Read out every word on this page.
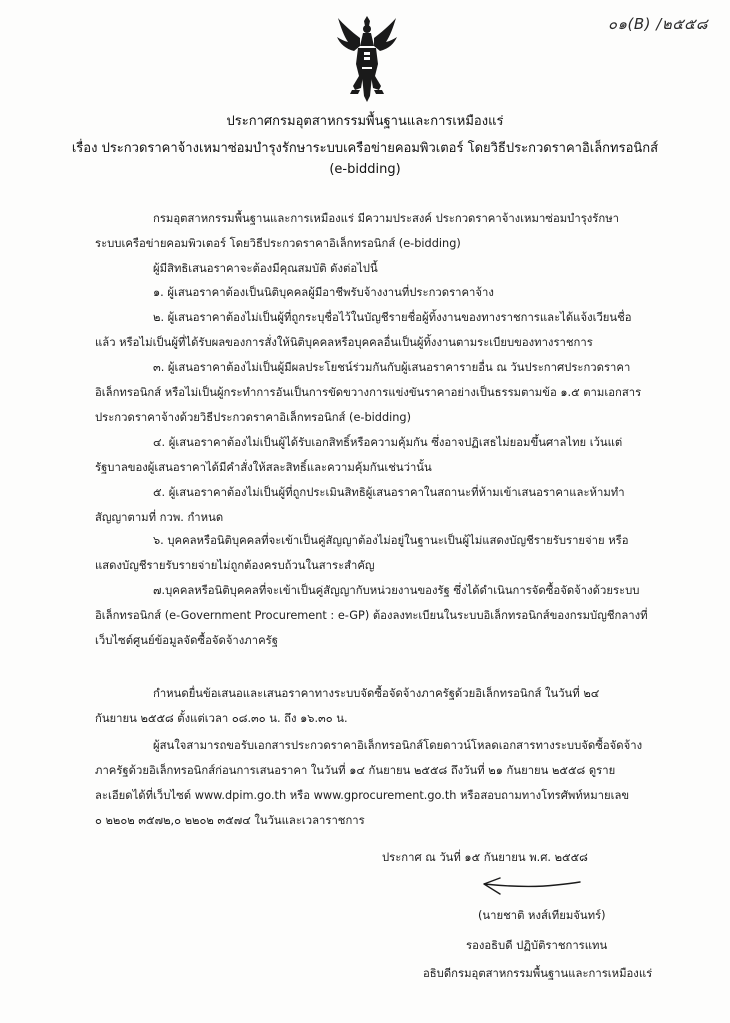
๐๑(B) /๒๕๕๘
ประกาศกรมอุตสาหกรรมพื้นฐานและการเหมืองแร่
เรื่อง ประกวดราคาจ้างเหมาซ่อมบำรุงรักษาระบบเครือข่ายคอมพิวเตอร์ โดยวิธีประกวดราคาอิเล็กทรอนิกส์
(e-bidding)
กรมอุตสาหกรรมพื้นฐานและการเหมืองแร่ มีความประสงค์ ประกวดราคาจ้างเหมาซ่อมบำรุงรักษา
ระบบเครือข่ายคอมพิวเตอร์ โดยวิธีประกวดราคาอิเล็กทรอนิกส์ (e-bidding)
ผู้มีสิทธิเสนอราคาจะต้องมีคุณสมบัติ ดังต่อไปนี้
๑. ผู้เสนอราคาต้องเป็นนิติบุคคลผู้มีอาชีพรับจ้างงานที่ประกวดราคาจ้าง
๒. ผู้เสนอราคาต้องไม่เป็นผู้ที่ถูกระบุชื่อไว้ในบัญชีรายชื่อผู้ทิ้งงานของทางราชการและได้แจ้งเวียนชื่อ
แล้ว หรือไม่เป็นผู้ที่ได้รับผลของการสั่งให้นิติบุคคลหรือบุคคลอื่นเป็นผู้ทิ้งงานตามระเบียบของทางราชการ
๓. ผู้เสนอราคาต้องไม่เป็นผู้มีผลประโยชน์ร่วมกันกับผู้เสนอราคารายอื่น ณ วันประกาศประกวดราคา
อิเล็กทรอนิกส์ หรือไม่เป็นผู้กระทำการอันเป็นการขัดขวางการแข่งขันราคาอย่างเป็นธรรมตามข้อ ๑.๕ ตามเอกสาร
ประกวดราคาจ้างด้วยวิธีประกวดราคาอิเล็กทรอนิกส์ (e-bidding)
๔. ผู้เสนอราคาต้องไม่เป็นผู้ได้รับเอกสิทธิ์หรือความคุ้มกัน ซึ่งอาจปฏิเสธไม่ยอมขึ้นศาลไทย เว้นแต่
รัฐบาลของผู้เสนอราคาได้มีคำสั่งให้สละสิทธิ์และความคุ้มกันเช่นว่านั้น
๕. ผู้เสนอราคาต้องไม่เป็นผู้ที่ถูกประเมินสิทธิผู้เสนอราคาในสถานะที่ห้ามเข้าเสนอราคาและห้ามทำ
สัญญาตามที่ กวพ. กำหนด
๖. บุคคลหรือนิติบุคคลที่จะเข้าเป็นคู่สัญญาต้องไม่อยู่ในฐานะเป็นผู้ไม่แสดงบัญชีรายรับรายจ่าย หรือ
แสดงบัญชีรายรับรายจ่ายไม่ถูกต้องครบถ้วนในสาระสำคัญ
๗.บุคคลหรือนิติบุคคลที่จะเข้าเป็นคู่สัญญากับหน่วยงานของรัฐ ซึ่งได้ดำเนินการจัดซื้อจัดจ้างด้วยระบบ
อิเล็กทรอนิกส์ (e-Government Procurement : e-GP) ต้องลงทะเบียนในระบบอิเล็กทรอนิกส์ของกรมบัญชีกลางที่
เว็บไซต์ศูนย์ข้อมูลจัดซื้อจัดจ้างภาครัฐ
กำหนดยื่นข้อเสนอและเสนอราคาทางระบบจัดซื้อจัดจ้างภาครัฐด้วยอิเล็กทรอนิกส์ ในวันที่ ๒๔
กันยายน ๒๕๕๘ ตั้งแต่เวลา ๐๘.๓๐ น. ถึง ๑๖.๓๐ น.
ผู้สนใจสามารถขอรับเอกสารประกวดราคาอิเล็กทรอนิกส์โดยดาวน์โหลดเอกสารทางระบบจัดซื้อจัดจ้าง
ภาครัฐด้วยอิเล็กทรอนิกส์ก่อนการเสนอราคา ในวันที่ ๑๔ กันยายน ๒๕๕๘ ถึงวันที่ ๒๑ กันยายน ๒๕๕๘ ดูราย
ละเอียดได้ที่เว็บไซต์ www.dpim.go.th หรือ www.gprocurement.go.th หรือสอบถามทางโทรศัพท์หมายเลข
๐ ๒๒๐๒ ๓๕๗๒,๐ ๒๒๐๒ ๓๕๗๔ ในวันและเวลาราชการ
ประกาศ ณ วันที่ ๑๕ กันยายน พ.ศ. ๒๕๕๘
(นายชาติ หงส์เทียมจันทร์)
รองอธิบดี ปฏิบัติราชการแทน
อธิบดีกรมอุตสาหกรรมพื้นฐานและการเหมืองแร่
